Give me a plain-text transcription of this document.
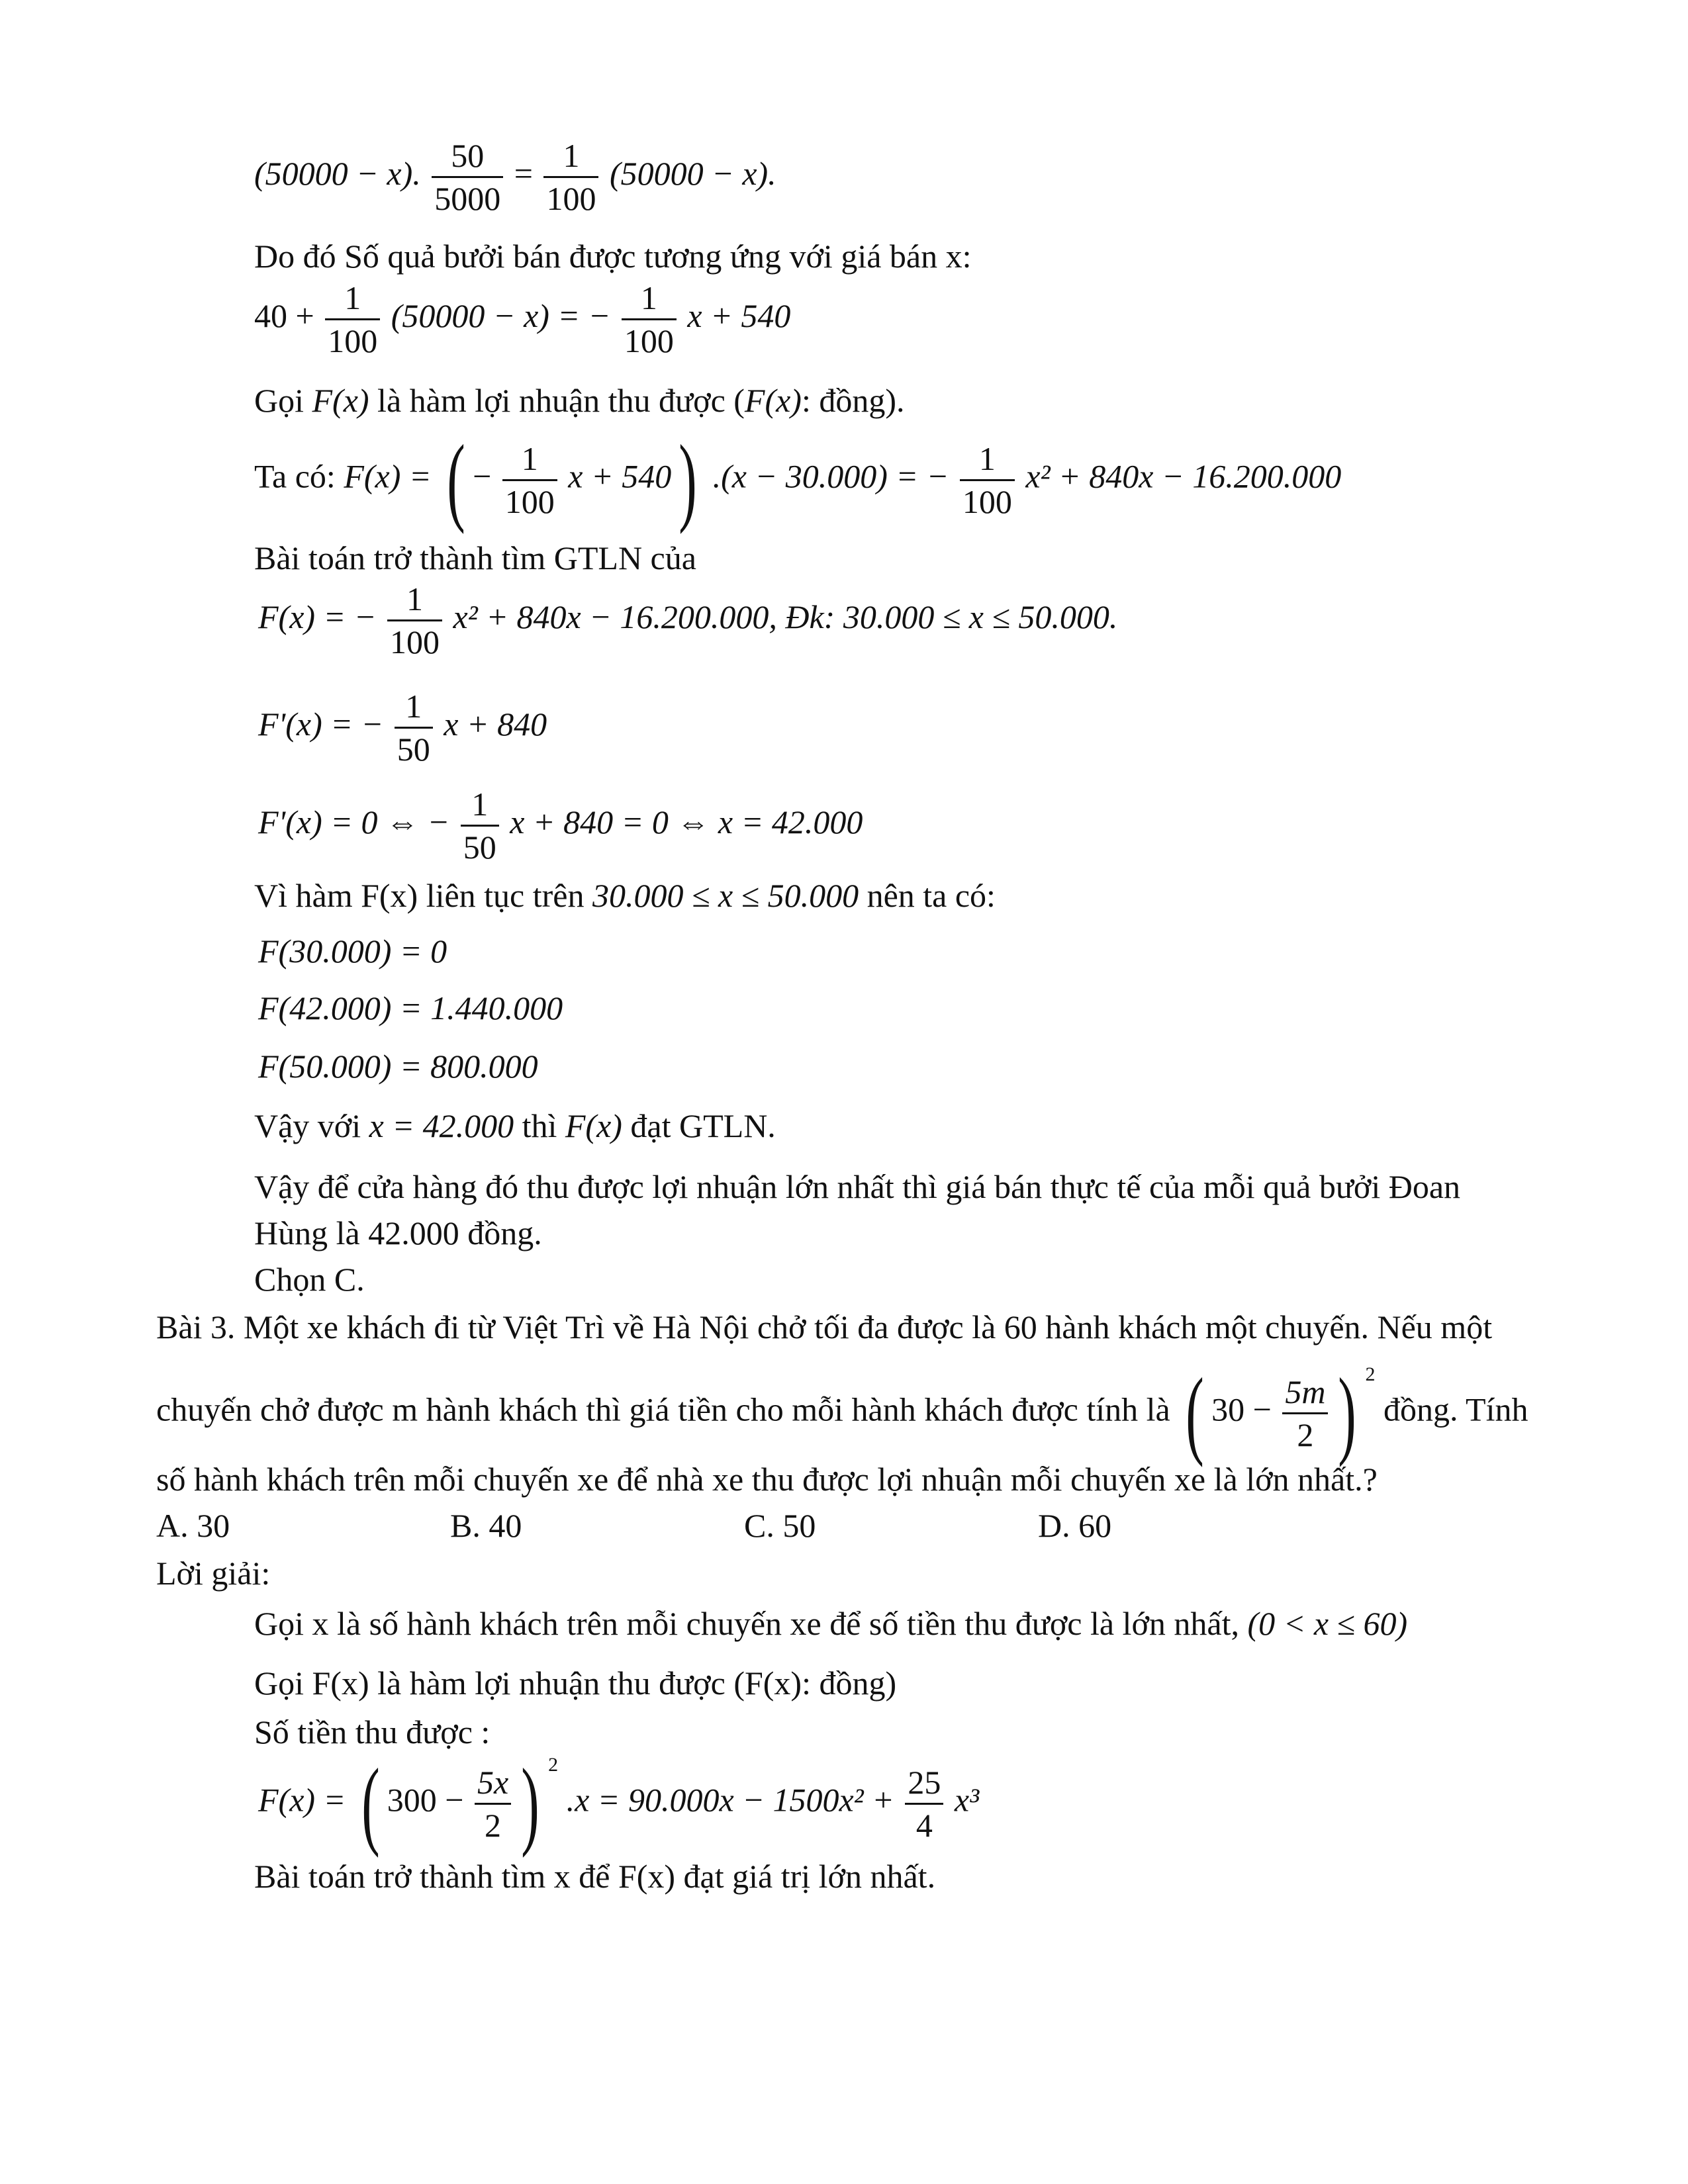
(50000 − x). $\frac{50}{5000} = \frac{1}{100} (50000 - x)$.
Do đó Số quả bưởi bán được tương ứng với giá bán x:
$40 + \frac{1}{100} (50000 - x)$ = − $\frac{1}{100}$ x + 540
Gọi F(x) là hàm lợi nhuận thu được (F(x): đồng).
Ta có: F(x) = ( − $\frac{1}{100}$ x + 540) .(x − 30.000) = − $\frac{1}{100} x^2 + 840x - 16.200.000$
Bài toán trở thành tìm GTLN của
F(x) = − $\frac{1}{100} x^2 + 840x - 16.200.000$, Đk: 30.000 ≤ x ≤ 50.000.
F'(x) = − $\frac{1}{50}$ x + 840
F'(x) = 0 ⇔ − $\frac{1}{50}$ x + 840 = 0 ⇔ x = 42.000
Vì hàm F(x) liên tục trên 30.000 ≤ x ≤ 50.000 nên ta có:
F(30.000) = 0
F(42.000) = 1.440.000
F(50.000) = 800.000
Vậy với x = 42.000 thì F(x) đạt GTLN.
Vậy để cửa hàng đó thu được lợi nhuận lớn nhất thì giá bán thực tế của mỗi quả bưởi Đoan
Hùng là 42.000 đồng.
Chọn C.
Bài 3. Một xe khách đi từ Việt Trì về Hà Nội chở tối đa được là 60 hành khách một chuyến. Nếu một
chuyến chở được m hành khách thì giá tiền cho mỗi hành khách được tính là ( $30 - \frac{5m}{2}$ ) $^2$ đồng. Tính
số hành khách trên mỗi chuyến xe để nhà xe thu được lợi nhuận mỗi chuyến xe là lớn nhất.?
A. 30	B. 40	C. 50	D. 60
Lời giải:
Gọi x là số hành khách trên mỗi chuyến xe để số tiền thu được là lớn nhất, (0 < x ≤ 60)
Gọi F(x) là hàm lợi nhuận thu được (F(x): đồng)
Số tiền thu được :
F(x) = ( $300 - \frac{5x}{2}$ ) $^2$ $.x = 90.000x - 1500x^2 + \frac{25}{4} x^3$
Bài toán trở thành tìm x để F(x) đạt giá trị lớn nhất.
